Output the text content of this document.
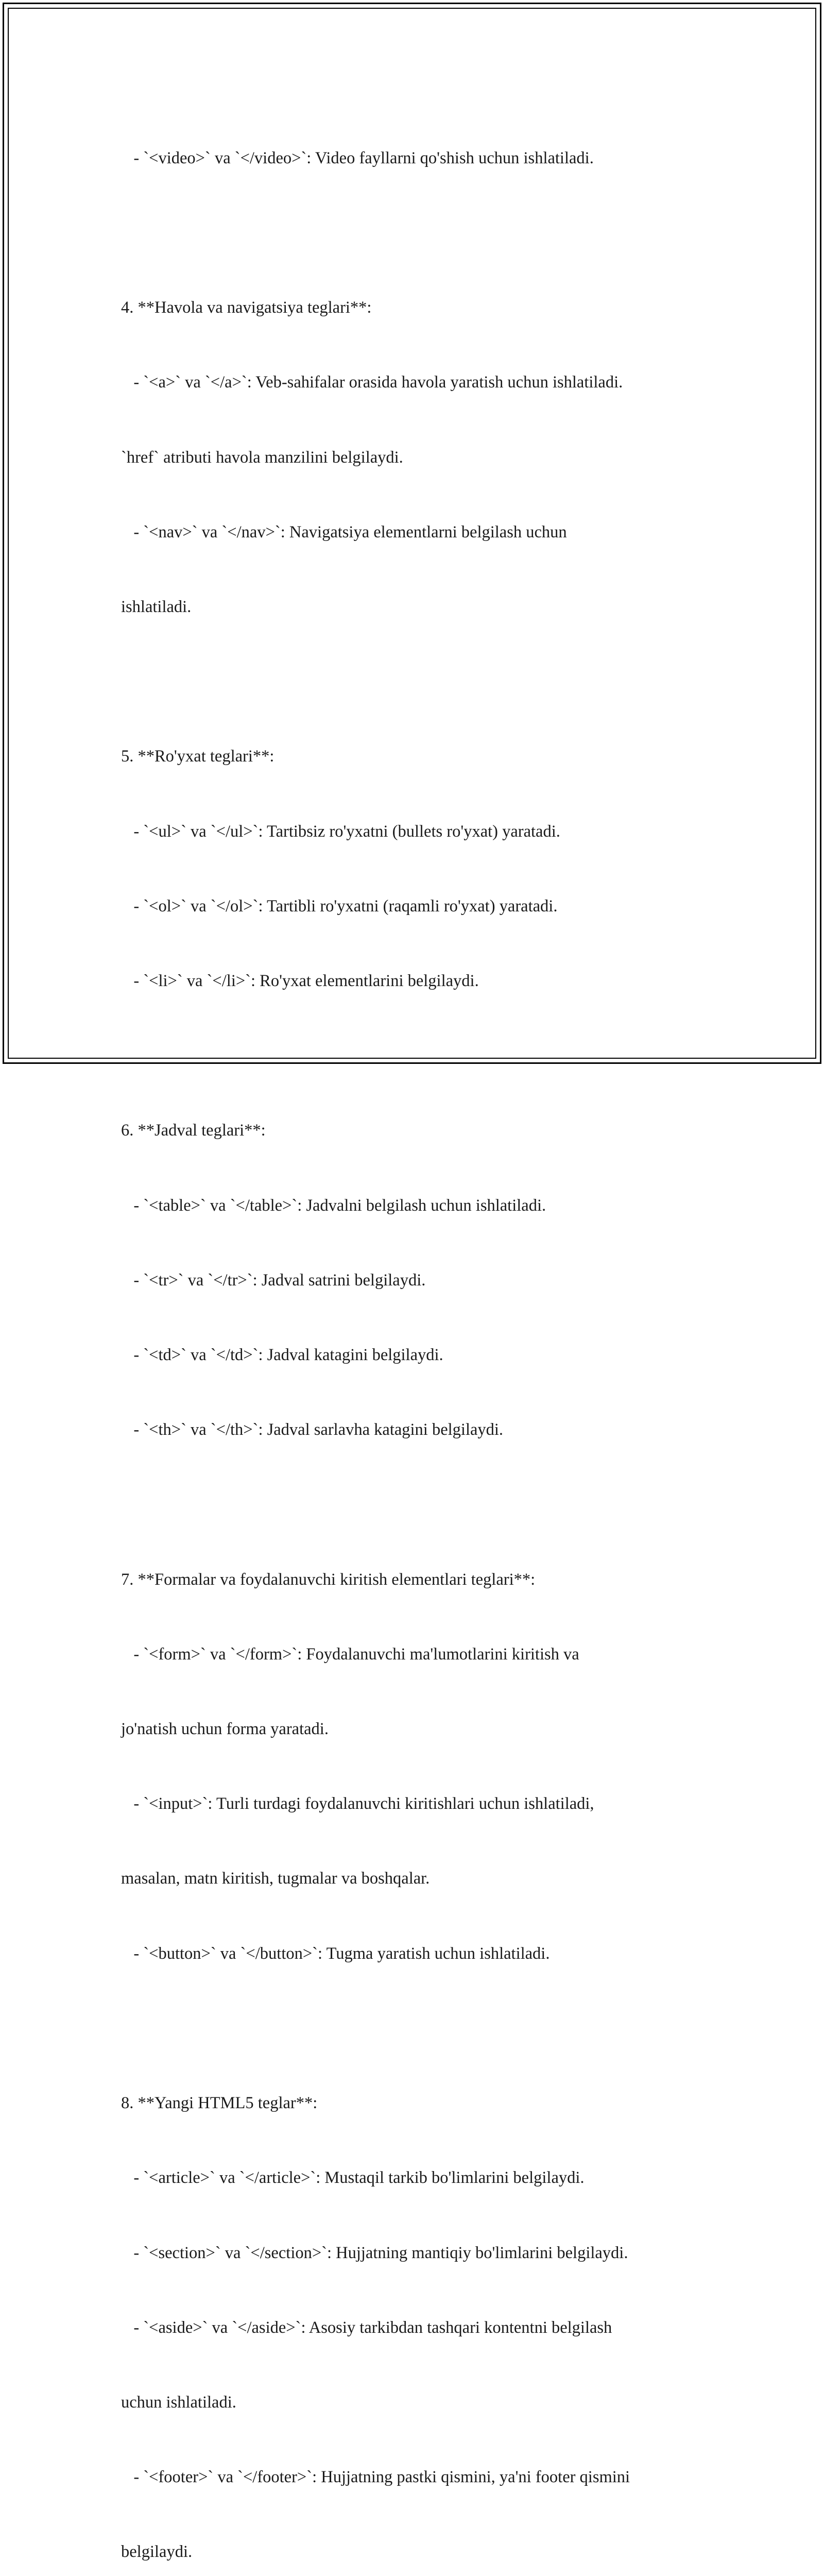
- `<video>` va `</video>`: Video fayllarni qo'shish uchun ishlatiladi.

4. **Havola va navigatsiya teglari**:

- `<a>` va `</a>`: Veb-sahifalar orasida havola yaratish uchun ishlatiladi.

`href` atributi havola manzilini belgilaydi.

- `<nav>` va `</nav>`: Navigatsiya elementlarni belgilash uchun

ishlatiladi.

5. **Ro'yxat teglari**:

- `<ul>` va `</ul>`: Tartibsiz ro'yxatni (bullets ro'yxat) yaratadi.

- `<ol>` va `</ol>`: Tartibli ro'yxatni (raqamli ro'yxat) yaratadi.

- `<li>` va `</li>`: Ro'yxat elementlarini belgilaydi.

6. **Jadval teglari**:

- `<table>` va `</table>`: Jadvalni belgilash uchun ishlatiladi.

- `<tr>` va `</tr>`: Jadval satrini belgilaydi.

- `<td>` va `</td>`: Jadval katagini belgilaydi.

- `<th>` va `</th>`: Jadval sarlavha katagini belgilaydi.

7. **Formalar va foydalanuvchi kiritish elementlari teglari**:

- `<form>` va `</form>`: Foydalanuvchi ma'lumotlarini kiritish va

jo'natish uchun forma yaratadi.

- `<input>`: Turli turdagi foydalanuvchi kiritishlari uchun ishlatiladi,

masalan, matn kiritish, tugmalar va boshqalar.

- `<button>` va `</button>`: Tugma yaratish uchun ishlatiladi.

8. **Yangi HTML5 teglar**:

- `<article>` va `</article>`: Mustaqil tarkib bo'limlarini belgilaydi.

- `<section>` va `</section>`: Hujjatning mantiqiy bo'limlarini belgilaydi.

- `<aside>` va `</aside>`: Asosiy tarkibdan tashqari kontentni belgilash

uchun ishlatiladi.

- `<footer>` va `</footer>`: Hujjatning pastki qismini, ya'ni footer qismini

belgilaydi.
